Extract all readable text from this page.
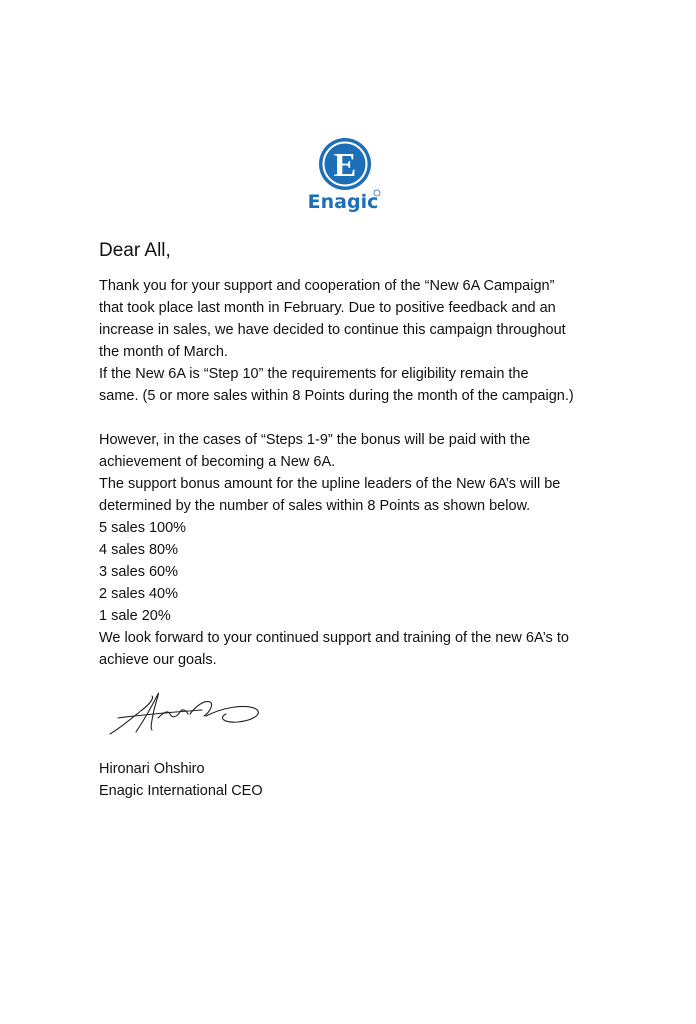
E
Enagic
Dear All,
Thank you for your support and cooperation of the “New 6A Campaign”
that took place last month in February. Due to positive feedback and an
increase in sales, we have decided to continue this campaign throughout
the month of March.
If the New 6A is “Step 10” the requirements for eligibility remain the
same. (5 or more sales within 8 Points during the month of the campaign.)
However, in the cases of “Steps 1-9” the bonus will be paid with the
achievement of becoming a New 6A.
The support bonus amount for the upline leaders of the New 6A’s will be
determined by the number of sales within 8 Points as shown below.
5 sales 100%
4 sales 80%
3 sales 60%
2 sales 40%
1 sale 20%
We look forward to your continued support and training of the new 6A’s to
achieve our goals.
Hironari Ohshiro
Enagic International CEO
